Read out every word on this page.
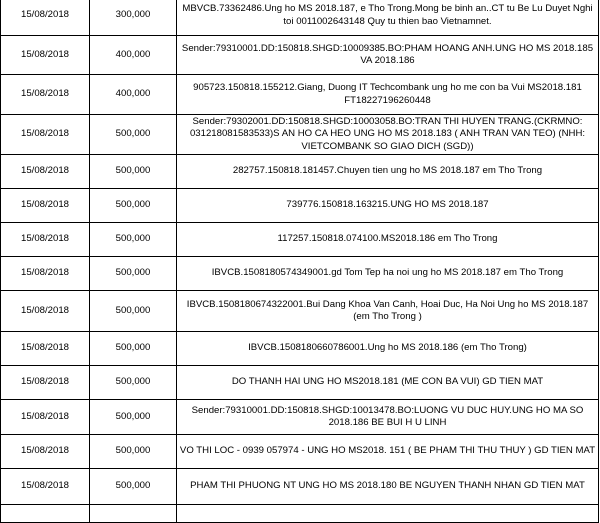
15/08/2018	300,000	MBVCB.73362486.Ung ho MS 2018.187, e Tho Trong.Mong be binh an..CT tu Be Lu Duyet Nghi toi 0011002643148 Quy tu thien bao Vietnamnet.

15/08/2018	400,000	Sender:79310001.DD:150818.SHGD:10009385.BO:PHAM HOANG ANH.UNG HO MS 2018.185 VA 2018.186

15/08/2018	400,000	905723.150818.155212.Giang, Duong IT Techcombank ung ho me con ba Vui MS2018.181 FT18227196260448

15/08/2018	500,000	Sender:79302001.DD:150818.SHGD:10003058.BO:TRAN THI HUYEN TRANG.(CKRMNO: 031218081583533)S AN HO CA HEO UNG HO MS 2018.183 ( ANH TRAN VAN TEO) (NHH: VIETCOMBANK SO GIAO DICH (SGD))

15/08/2018	500,000	282757.150818.181457.Chuyen tien ung ho MS 2018.187 em Tho Trong

15/08/2018	500,000	739776.150818.163215.UNG HO MS 2018.187

15/08/2018	500,000	117257.150818.074100.MS2018.186 em Tho Trong

15/08/2018	500,000	IBVCB.1508180574349001.gd Tom Tep ha noi ung ho MS 2018.187 em Tho Trong

15/08/2018	500,000	IBVCB.1508180674322001.Bui Dang Khoa Van Canh, Hoai Duc, Ha Noi Ung ho MS 2018.187 (em Tho Trong )

15/08/2018	500,000	IBVCB.1508180660786001.Ung ho MS 2018.186 (em Tho Trong)

15/08/2018	500,000	DO THANH HAI UNG HO MS2018.181 (ME CON BA VUI) GD TIEN MAT

15/08/2018	500,000	Sender:79310001.DD:150818.SHGD:10013478.BO:LUONG VU DUC HUY.UNG HO MA SO 2018.186 BE BUI H U LINH

15/08/2018	500,000	VO THI LOC - 0939 057974 - UNG HO MS2018. 151 ( BE PHAM THI THU THUY ) GD TIEN MAT

15/08/2018	500,000	PHAM THI PHUONG NT UNG HO MS 2018.180 BE NGUYEN THANH NHAN GD TIEN MAT
